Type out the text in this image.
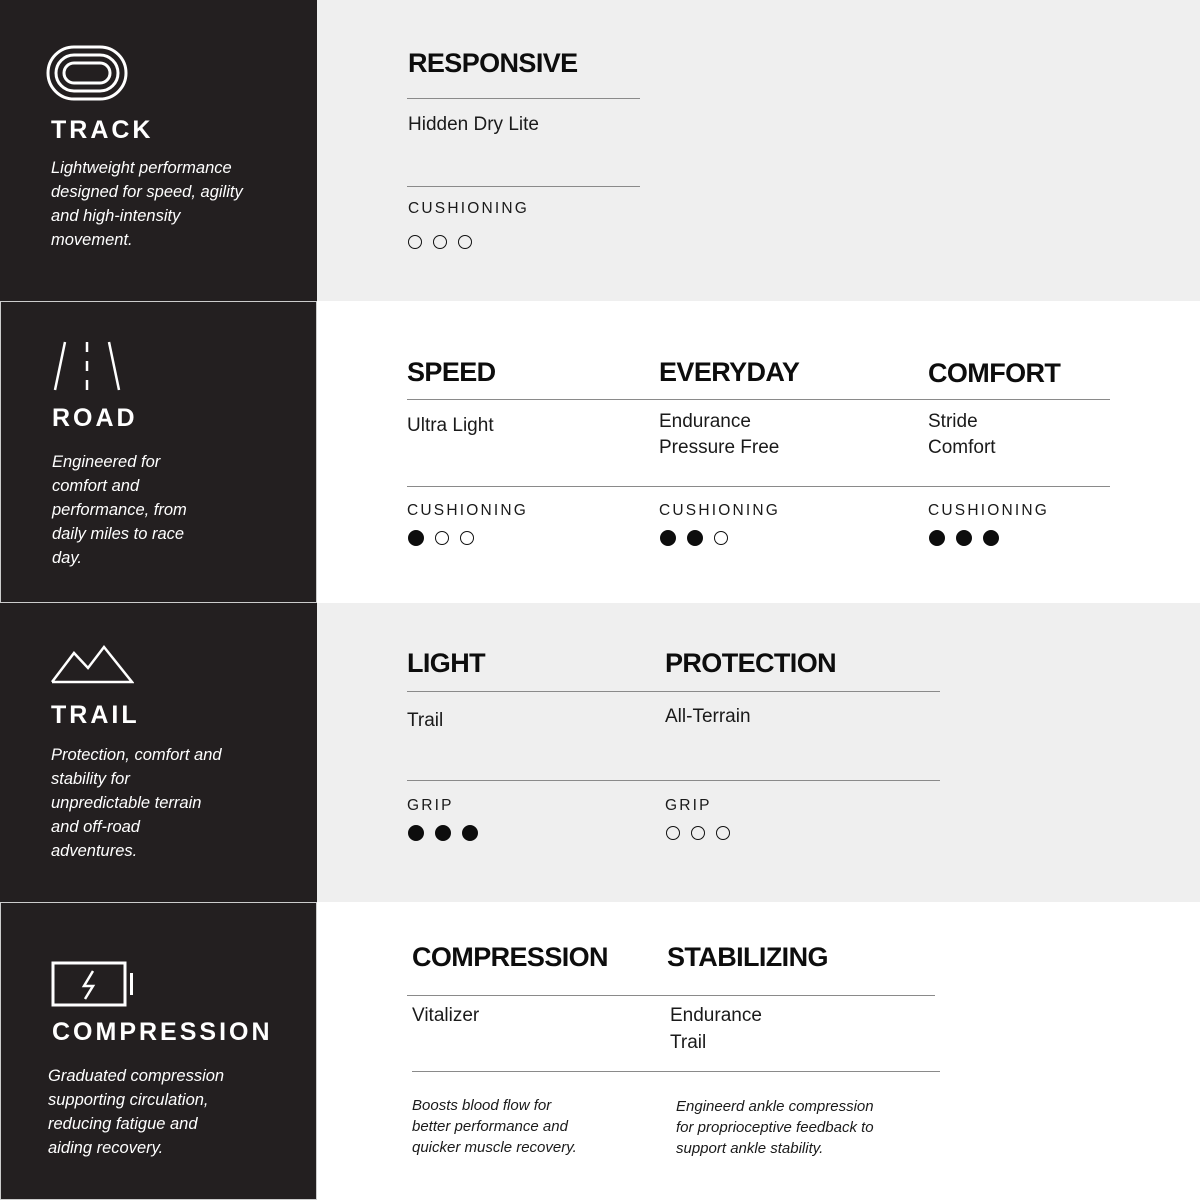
TRACK
Lightweight performance designed for speed, agility and high-intensity movement.
RESPONSIVE
Hidden Dry Lite
CUSHIONING
ROAD
Engineered for comfort and performance, from daily miles to race day.
SPEED
Ultra Light
CUSHIONING
EVERYDAY
Endurance
Pressure Free
CUSHIONING
COMFORT
Stride
Comfort
CUSHIONING
TRAIL
Protection, comfort and stability for unpredictable terrain and off-road adventures.
LIGHT
Trail
GRIP
PROTECTION
All-Terrain
GRIP
COMPRESSION
Graduated compression supporting circulation, reducing fatigue and aiding recovery.
COMPRESSION
Vitalizer
Boosts blood flow for better performance and quicker muscle recovery.
STABILIZING
Endurance
Trail
Engineerd ankle compression for proprioceptive feedback to support ankle stability.
